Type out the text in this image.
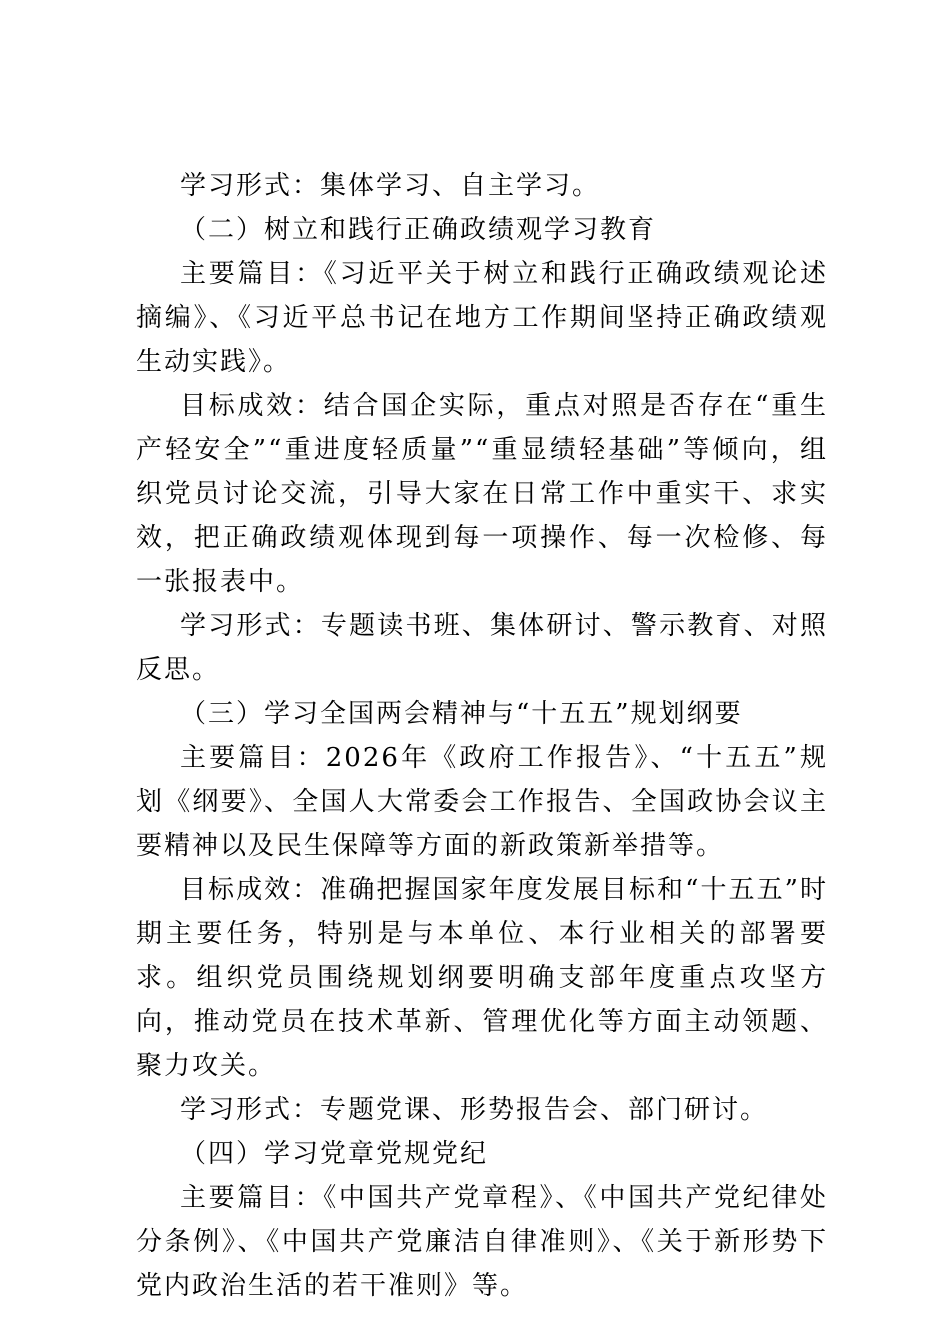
学习形式：集体学习、自主学习。

（二）树立和践行正确政绩观学习教育

主要篇目：《习近平关于树立和践行正确政绩观论述摘编》、《习近平总书记在地方工作期间坚持正确政绩观生动实践》。

目标成效：结合国企实际，重点对照是否存在“重生产轻安全”“重进度轻质量”“重显绩轻基础”等倾向，组织党员讨论交流，引导大家在日常工作中重实干、求实效，把正确政绩观体现到每一项操作、每一次检修、每一张报表中。

学习形式：专题读书班、集体研讨、警示教育、对照反思。

（三）学习全国两会精神与“十五五”规划纲要

主要篇目：2026年《政府工作报告》、“十五五”规划《纲要》、全国人大常委会工作报告、全国政协会议主要精神以及民生保障等方面的新政策新举措等。

目标成效：准确把握国家年度发展目标和“十五五”时期主要任务，特别是与本单位、本行业相关的部署要求。组织党员围绕规划纲要明确支部年度重点攻坚方向，推动党员在技术革新、管理优化等方面主动领题、聚力攻关。

学习形式：专题党课、形势报告会、部门研讨。

（四）学习党章党规党纪

主要篇目：《中国共产党章程》、《中国共产党纪律处分条例》、《中国共产党廉洁自律准则》、《关于新形势下党内政治生活的若干准则》等。
